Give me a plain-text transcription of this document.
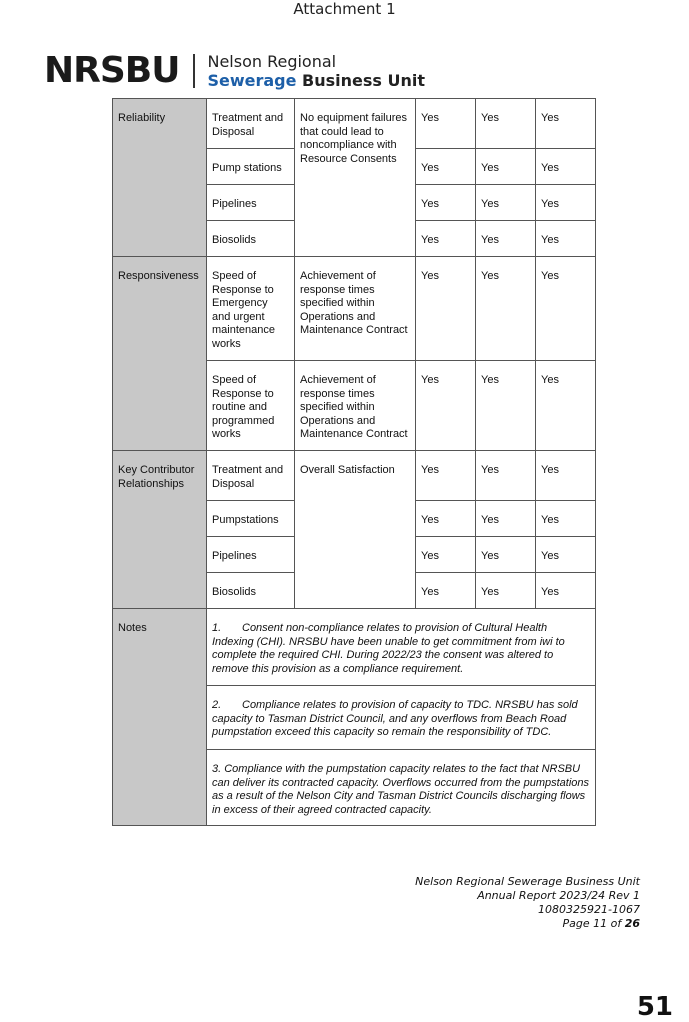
Attachment 1
NRSBU Nelson Regional
Sewerage Business Unit
Reliability	Treatment and Disposal	No equipment failures that could lead to noncompliance with Resource Consents	Yes	Yes	Yes
	Pump stations		Yes	Yes	Yes
	Pipelines		Yes	Yes	Yes
	Biosolids		Yes	Yes	Yes
Responsiveness	Speed of Response to Emergency and urgent maintenance works	Achievement of response times specified within Operations and Maintenance Contract	Yes	Yes	Yes
	Speed of Response to routine and programmed works	Achievement of response times specified within Operations and Maintenance Contract	Yes	Yes	Yes
Key Contributor Relationships	Treatment and Disposal	Overall Satisfaction	Yes	Yes	Yes
	Pumpstations		Yes	Yes	Yes
	Pipelines		Yes	Yes	Yes
	Biosolids		Yes	Yes	Yes
Notes	1. Consent non-compliance relates to provision of Cultural Health Indexing (CHI). NRSBU have been unable to get commitment from iwi to complete the required CHI. During 2022/23 the consent was altered to remove this provision as a compliance requirement.				
	2. Compliance relates to provision of capacity to TDC. NRSBU has sold capacity to Tasman District Council, and any overflows from Beach Road pumpstation exceed this capacity so remain the responsibility of TDC.				
	3. Compliance with the pumpstation capacity relates to the fact that NRSBU can deliver its contracted capacity. Overflows occurred from the pumpstations as a result of the Nelson City and Tasman District Councils discharging flows in excess of their agreed contracted capacity.				
Nelson Regional Sewerage Business Unit
Annual Report 2023/24 Rev 1
1080325921-1067
Page 11 of 26
51
